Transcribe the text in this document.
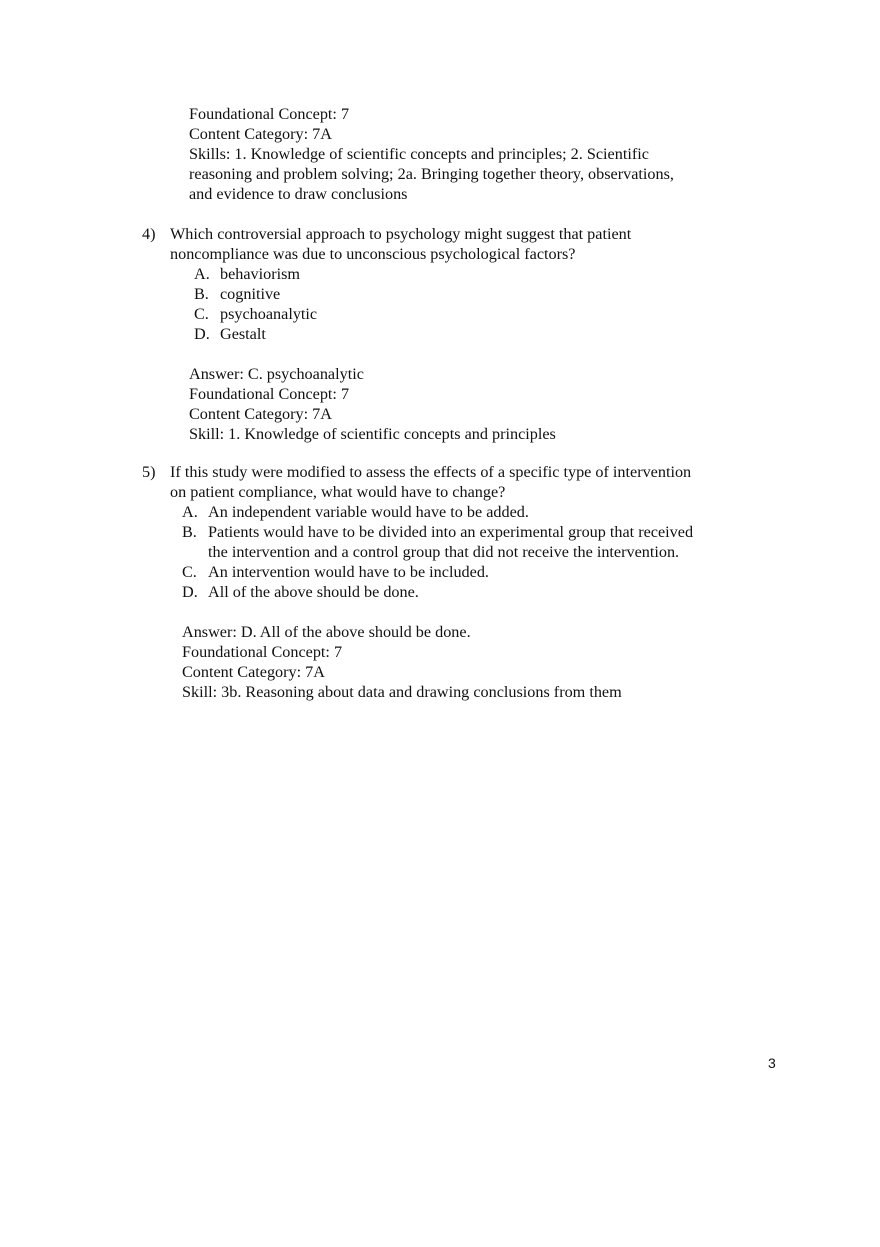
Foundational Concept: 7
Content Category: 7A
Skills: 1. Knowledge of scientific concepts and principles; 2. Scientific
reasoning and problem solving; 2a. Bringing together theory, observations,
and evidence to draw conclusions
4) Which controversial approach to psychology might suggest that patient
noncompliance was due to unconscious psychological factors?
A. behaviorism
B. cognitive
C. psychoanalytic
D. Gestalt
Answer: C. psychoanalytic
Foundational Concept: 7
Content Category: 7A
Skill: 1. Knowledge of scientific concepts and principles
5) If this study were modified to assess the effects of a specific type of intervention
on patient compliance, what would have to change?
A. An independent variable would have to be added.
B. Patients would have to be divided into an experimental group that received
the intervention and a control group that did not receive the intervention.
C. An intervention would have to be included.
D. All of the above should be done.
Answer: D. All of the above should be done.
Foundational Concept: 7
Content Category: 7A
Skill: 3b. Reasoning about data and drawing conclusions from them
3
